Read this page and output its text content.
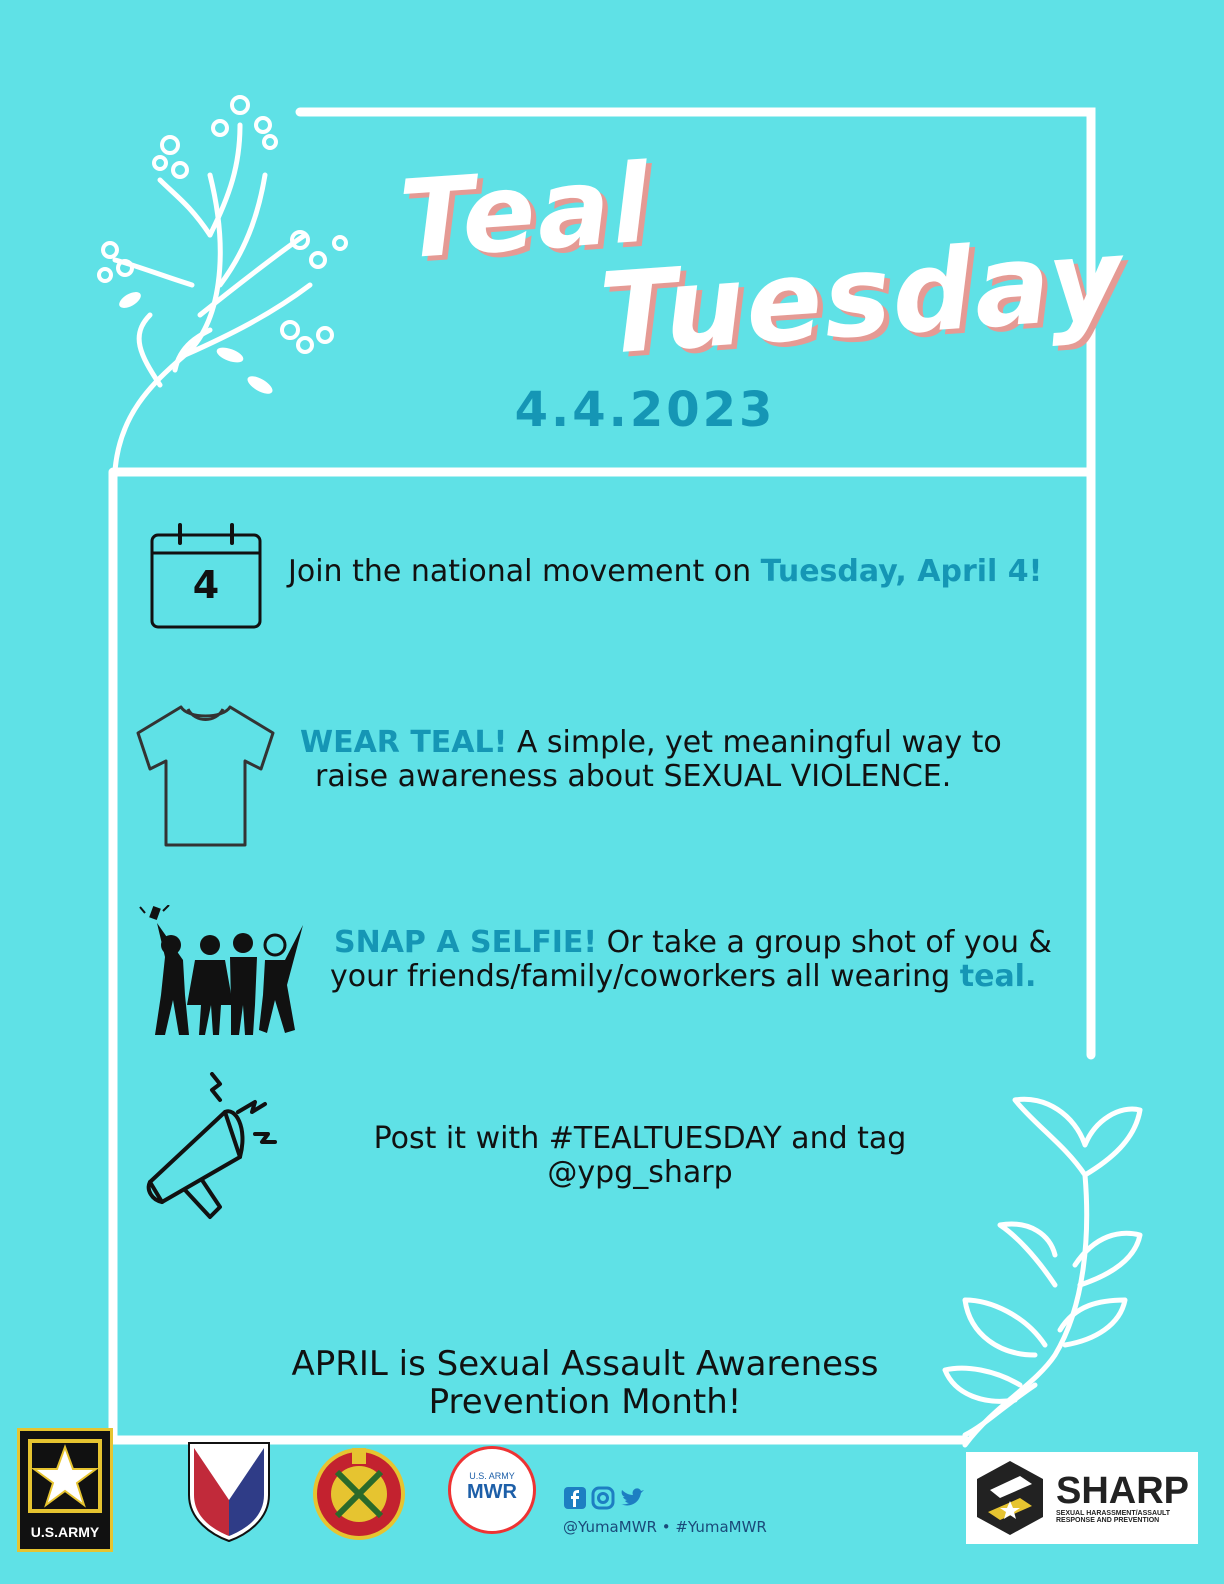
Teal
Tuesday
4.4.2023
4	Join the national movement on Tuesday, April 4!
WEAR TEAL! A simple, yet meaningful way to
raise awareness about SEXUAL VIOLENCE.
SNAP A SELFIE! Or take a group shot of you &
your friends/family/coworkers all wearing teal.
Post it with #TEALTUESDAY and tag
@ypg_sharp
APRIL is Sexual Assault Awareness
Prevention Month!
U.S.ARMY
U.S. ARMY
MWR
@YumaMWR • #YumaMWR
SHARP
SEXUAL HARASSMENT/ASSAULT
RESPONSE AND PREVENTION
